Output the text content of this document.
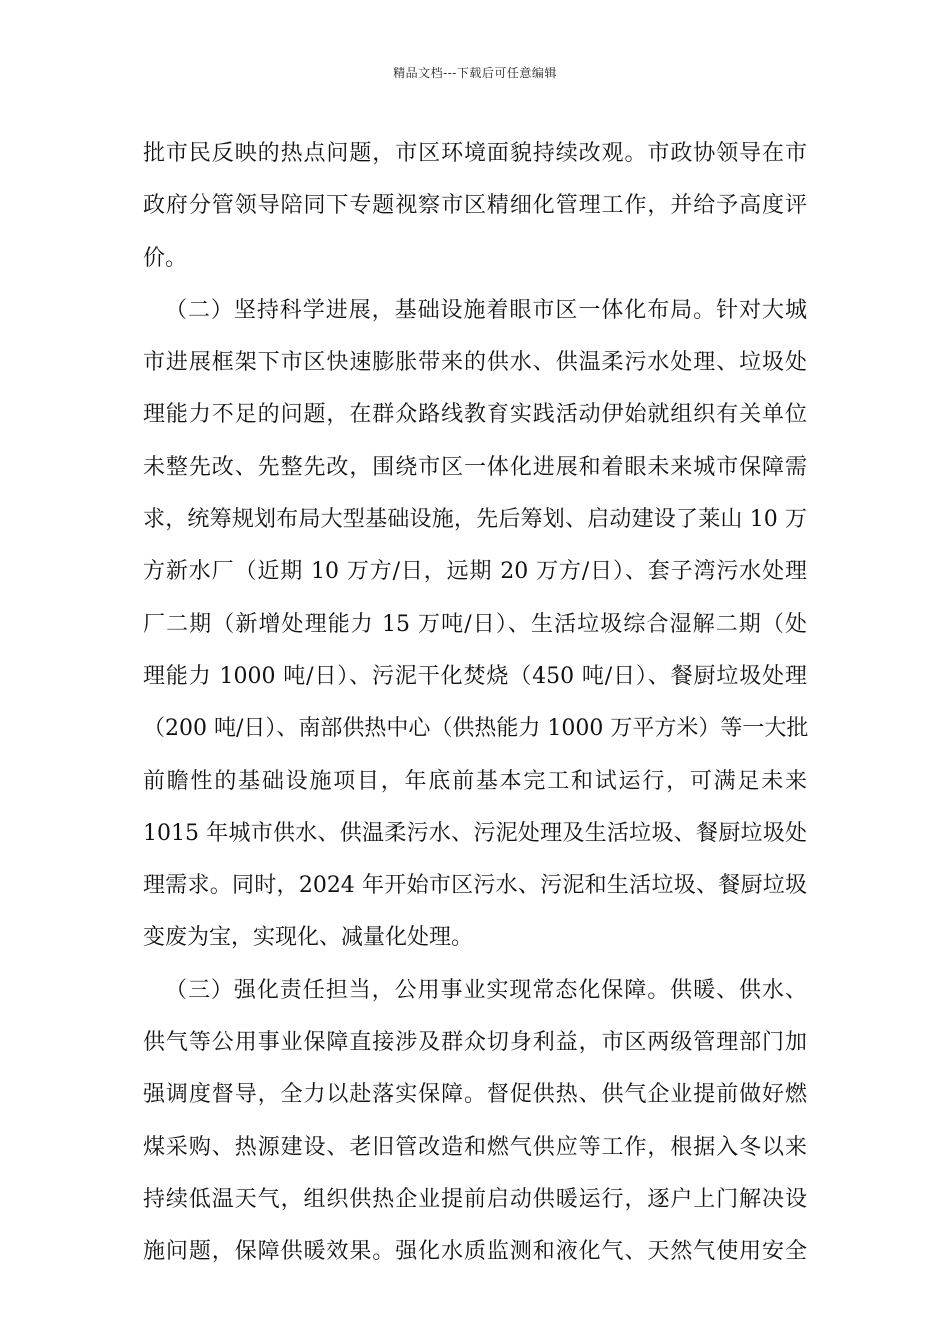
精品文档---下载后可任意编辑
批市民反映的热点问题，市区环境面貌持续改观。市政协领导在市
政府分管领导陪同下专题视察市区精细化管理工作，并给予高度评
价。
（二）坚持科学进展，基础设施着眼市区一体化布局。针对大城
市进展框架下市区快速膨胀带来的供水、供温柔污水处理、垃圾处
理能力不足的问题，在群众路线教育实践活动伊始就组织有关单位
未整先改、先整先改，围绕市区一体化进展和着眼未来城市保障需
求，统筹规划布局大型基础设施，先后筹划、启动建设了莱山 10 万
方新水厂（近期 10 万方/日，远期 20 万方/日）、套子湾污水处理
厂二期（新增处理能力 15 万吨/日）、生活垃圾综合湿解二期（处
理能力 1000 吨/日）、污泥干化焚烧（450 吨/日）、餐厨垃圾处理
（200 吨/日）、南部供热中心（供热能力 1000 万平方米）等一大批
前瞻性的基础设施项目，年底前基本完工和试运行，可满足未来
1015 年城市供水、供温柔污水、污泥处理及生活垃圾、餐厨垃圾处
理需求。同时，2024 年开始市区污水、污泥和生活垃圾、餐厨垃圾
变废为宝，实现化、减量化处理。
（三）强化责任担当，公用事业实现常态化保障。供暖、供水、
供气等公用事业保障直接涉及群众切身利益，市区两级管理部门加
强调度督导，全力以赴落实保障。督促供热、供气企业提前做好燃
煤采购、热源建设、老旧管改造和燃气供应等工作，根据入冬以来
持续低温天气，组织供热企业提前启动供暖运行，逐户上门解决设
施问题，保障供暖效果。强化水质监测和液化气、天然气使用安全
